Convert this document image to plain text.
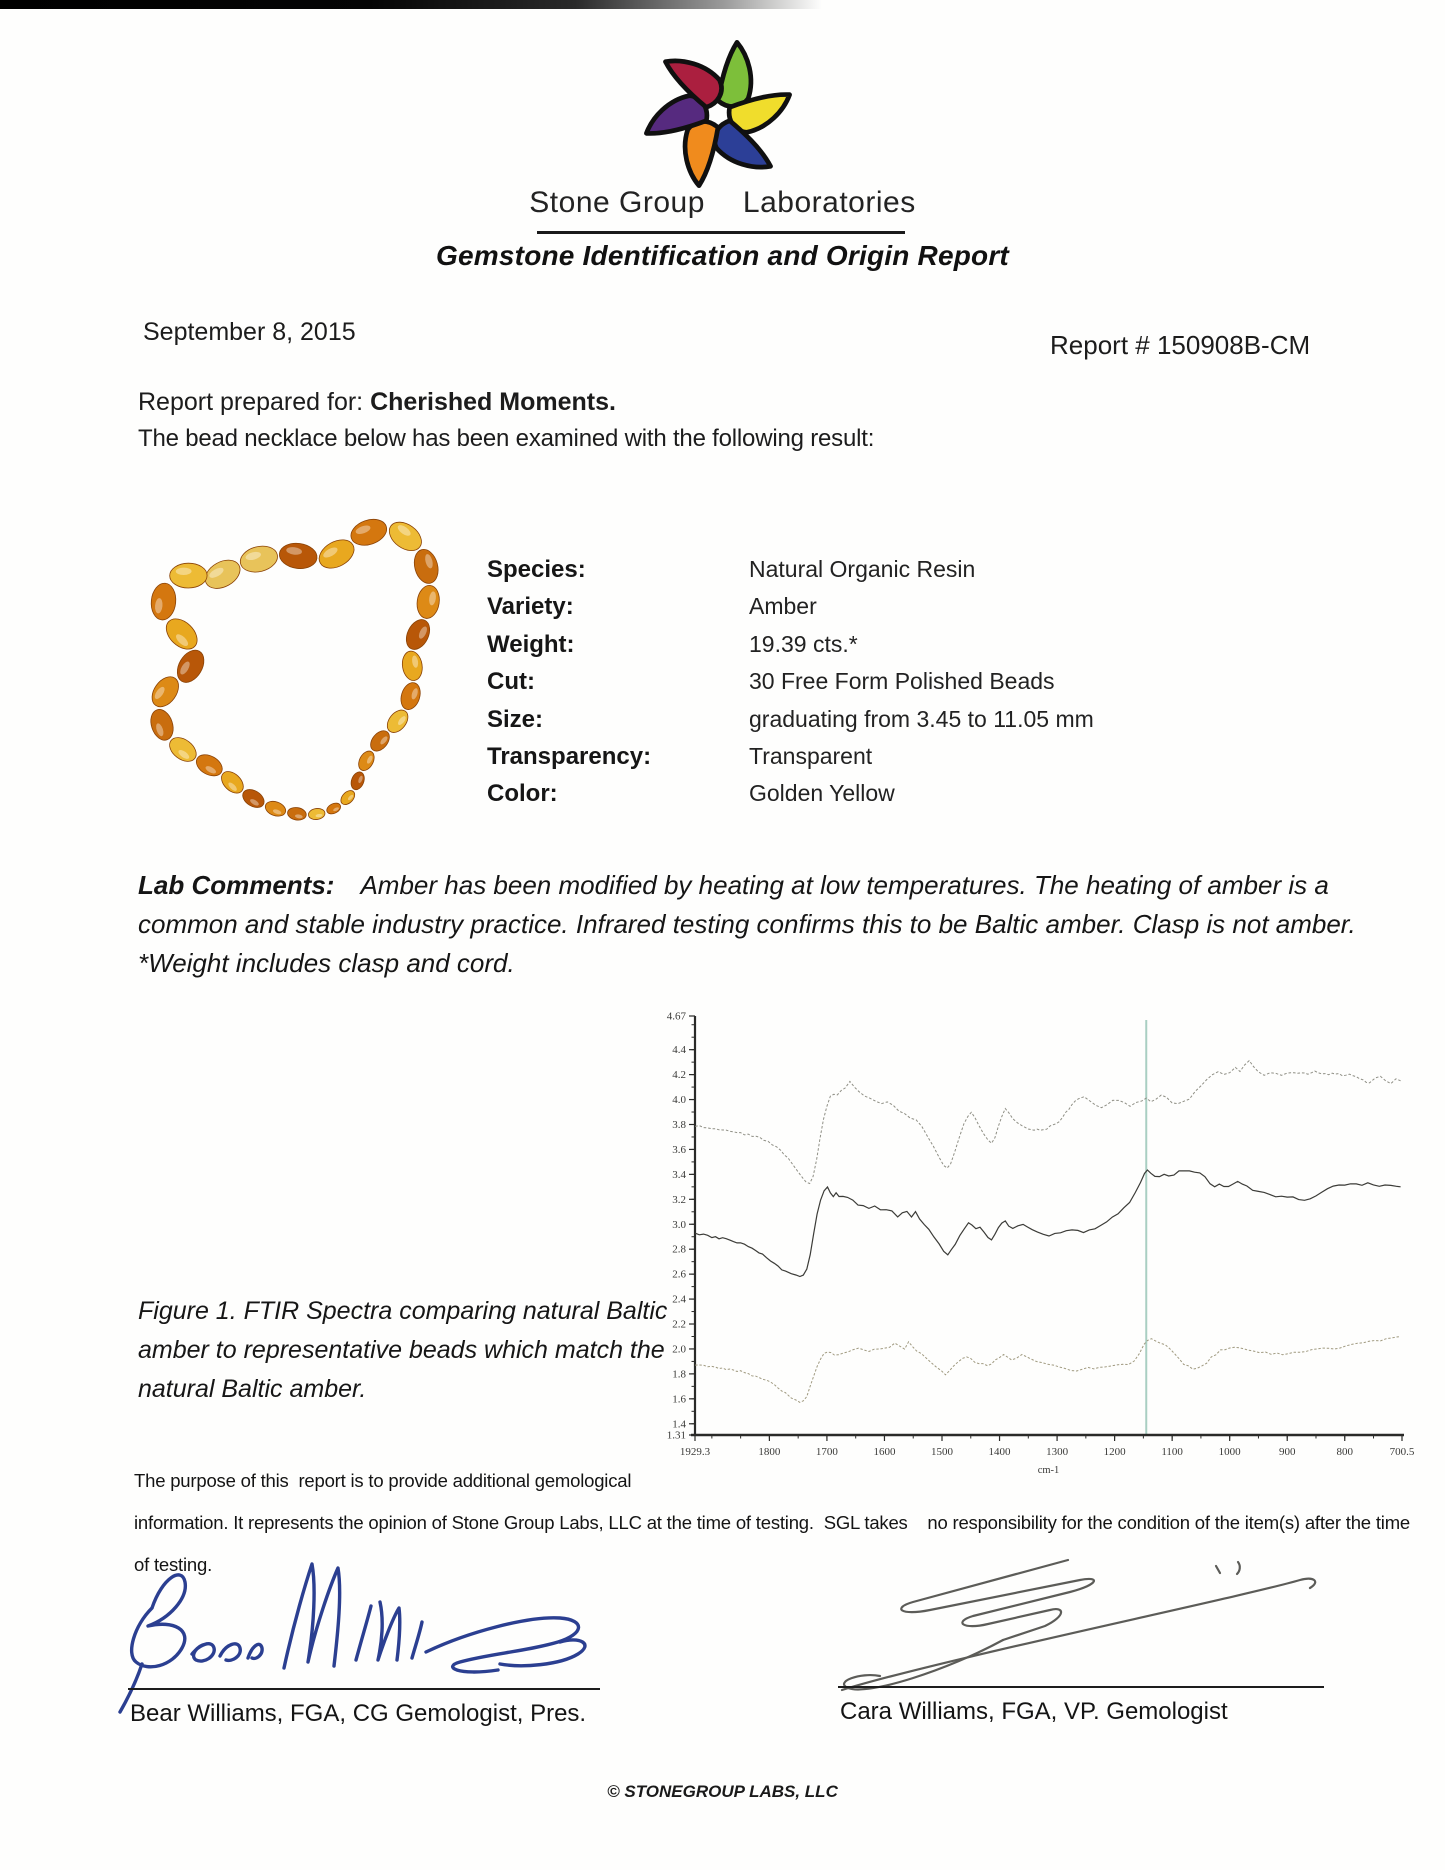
Stone Group Laboratories
Gemstone Identification and Origin Report
September 8, 2015	Report # 150908B-CM
Report prepared for: Cherished Moments.
The bead necklace below has been examined with the following result:
Species:	Natural Organic Resin
Variety:	Amber
Weight:	19.39 cts.*
Cut:	30 Free Form Polished Beads
Size:	graduating from 3.45 to 11.05 mm
Transparency:	Transparent
Color:	Golden Yellow
Lab Comments: Amber has been modified by heating at low temperatures. The heating of amber is a
common and stable industry practice. Infrared testing confirms this to be Baltic amber. Clasp is not amber.
*Weight includes clasp and cord.
4.67
4.4
4.2
4.0
3.8
3.6
3.4
3.2
3.0
2.8
2.6
2.4
2.2
2.0
1.8
1.6
1.4
1.31
1929.3	1800	1700	1600	1500	1400	1300	1200	1100	1000	900	800	700.5
cm-1
Figure 1. FTIR Spectra comparing natural Baltic
amber to representative beads which match the
natural Baltic amber.
The purpose of this  report is to provide additional gemological
information. It represents the opinion of Stone Group Labs, LLC at the time of testing.  SGL takes    no responsibility for the condition of the item(s) after the time
of testing.
Bear Williams, FGA, CG Gemologist, Pres.	Cara Williams, FGA, VP. Gemologist
© STONEGROUP LABS, LLC
